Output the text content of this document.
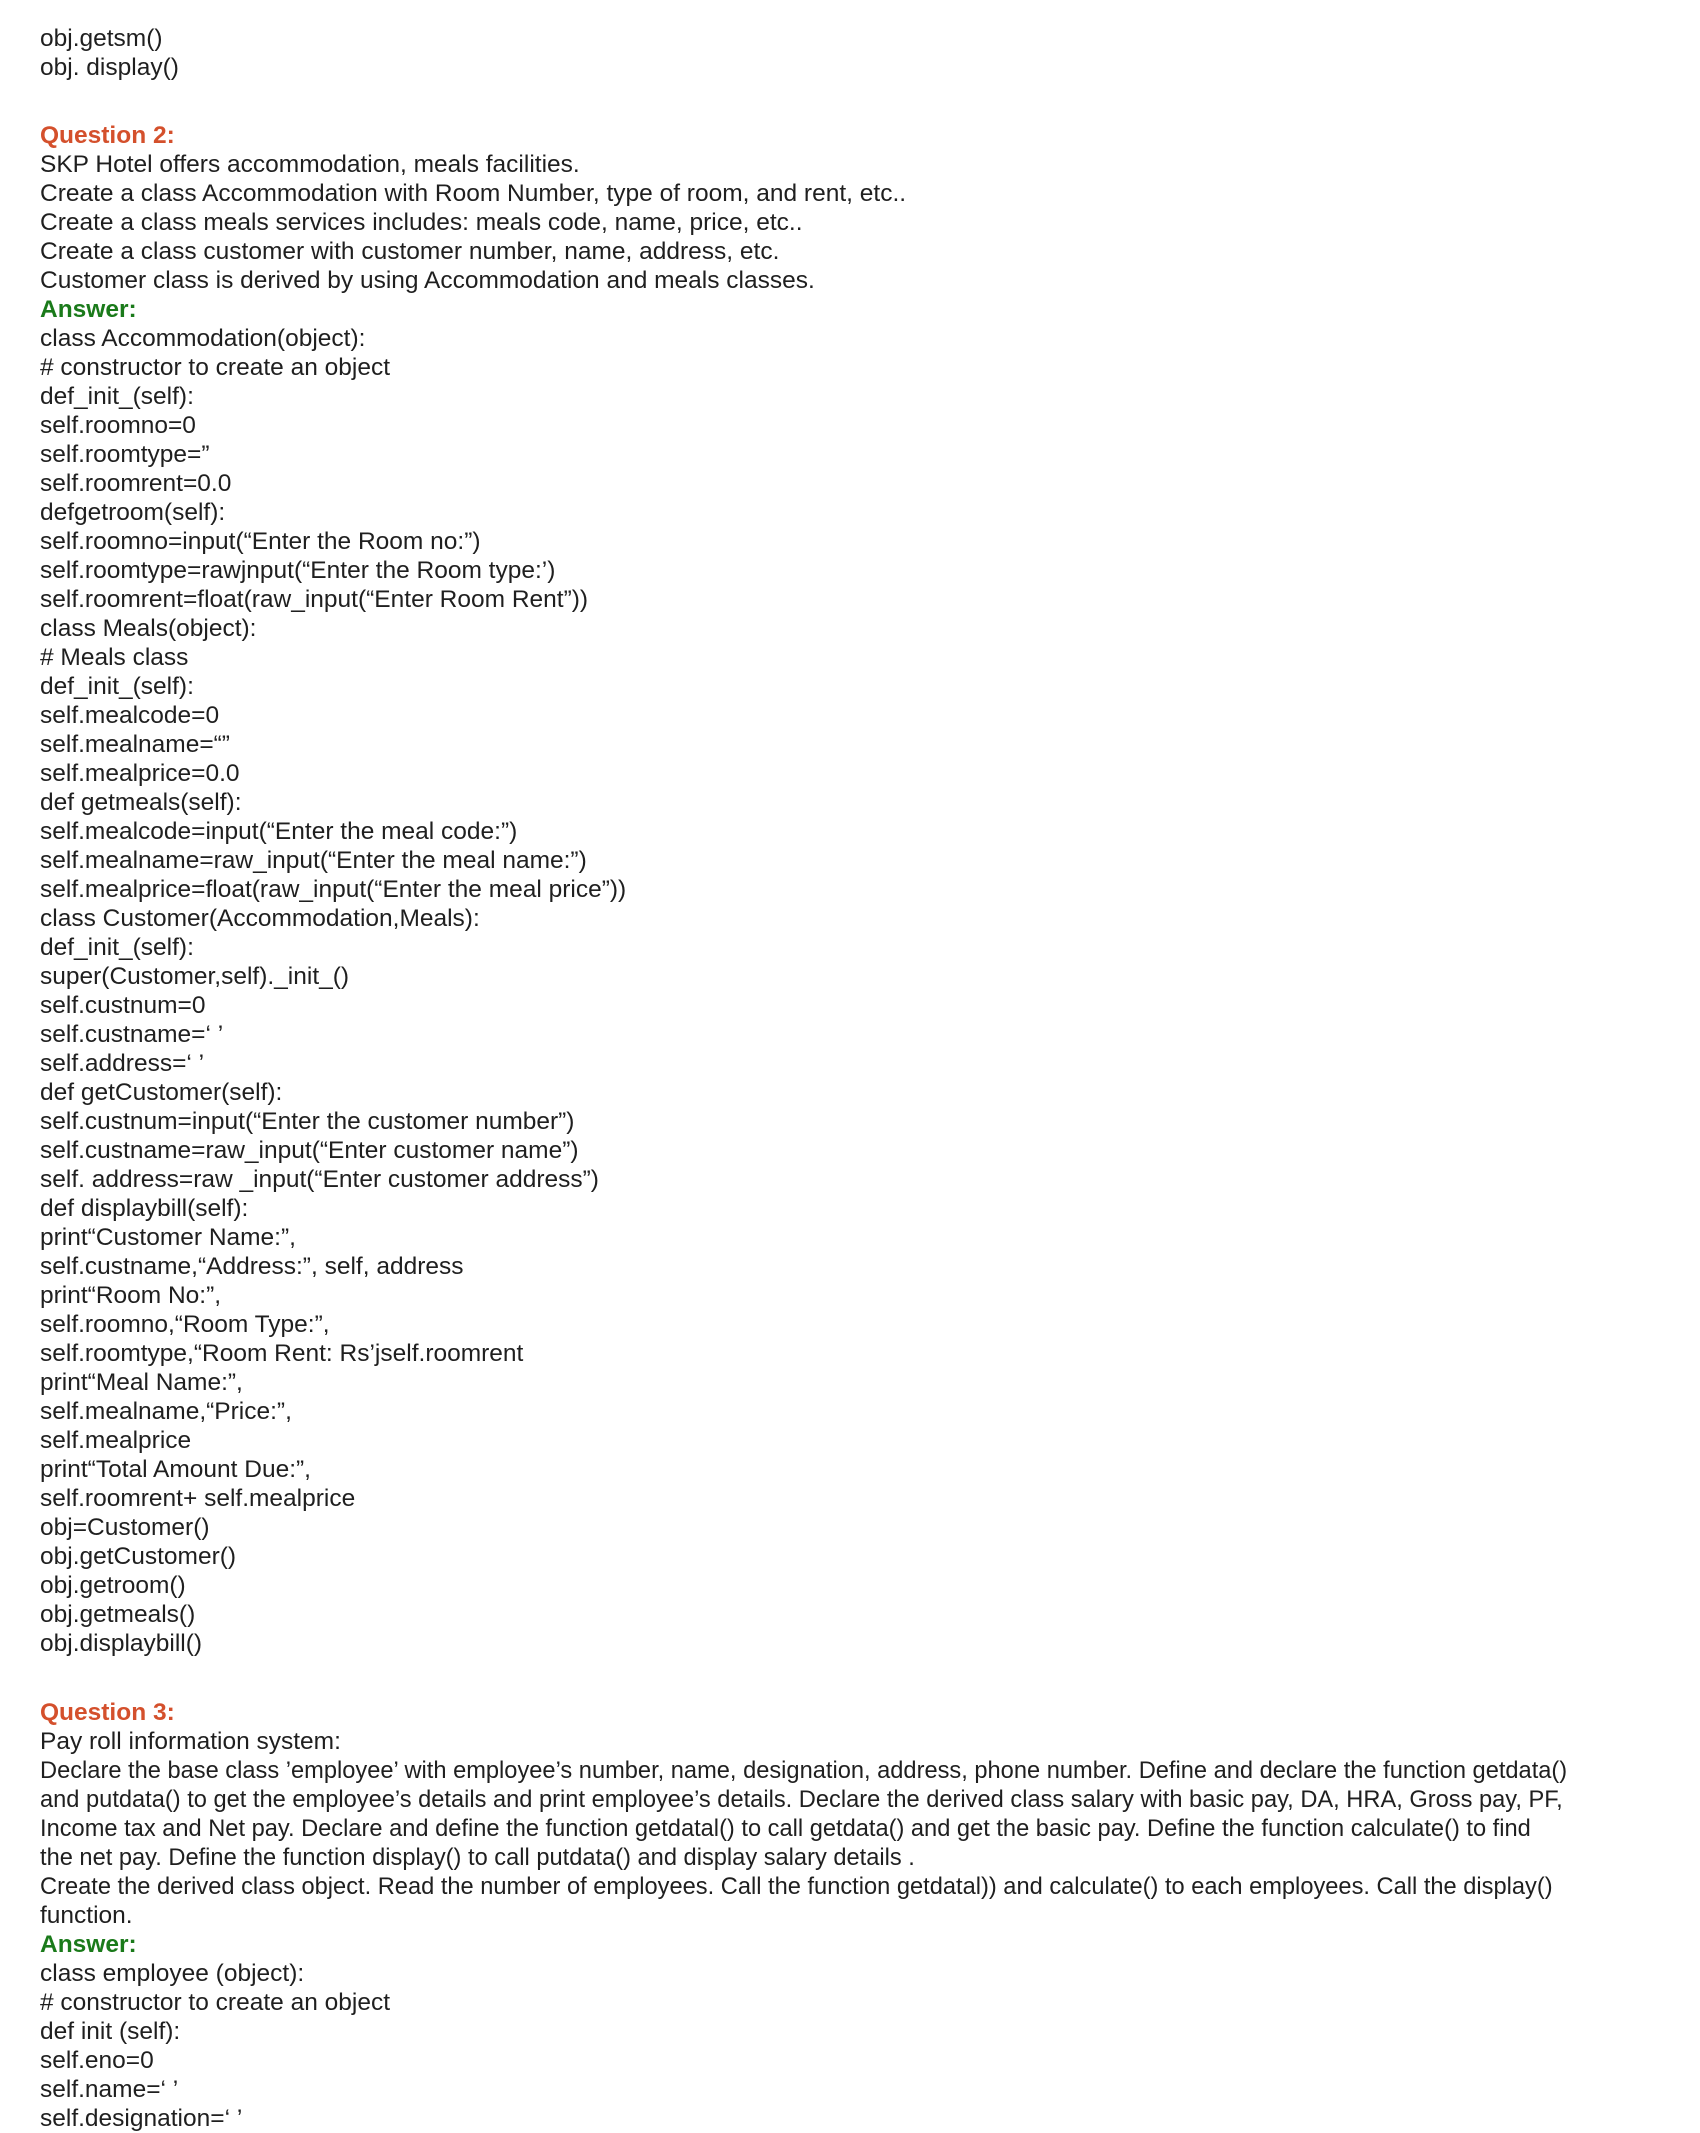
obj.getsm()
obj. display()
Question 2:
SKP Hotel offers accommodation, meals facilities.
Create a class Accommodation with Room Number, type of room, and rent, etc..
Create a class meals services includes: meals code, name, price, etc..
Create a class customer with customer number, name, address, etc.
Customer class is derived by using Accommodation and meals classes.
Answer:
class Accommodation(object):
# constructor to create an object
def_init_(self):
self.roomno=0
self.roomtype=”
self.roomrent=0.0
defgetroom(self):
self.roomno=input(“Enter the Room no:”)
self.roomtype=rawjnput(“Enter the Room type:’)
self.roomrent=float(raw_input(“Enter Room Rent”))
class Meals(object):
# Meals class
def_init_(self):
self.mealcode=0
self.mealname=“”
self.mealprice=0.0
def getmeals(self):
self.mealcode=input(“Enter the meal code:”)
self.mealname=raw_input(“Enter the meal name:”)
self.mealprice=float(raw_input(“Enter the meal price”))
class Customer(Accommodation,Meals):
def_init_(self):
super(Customer,self)._init_()
self.custnum=0
self.custname=‘ ’
self.address=‘ ’
def getCustomer(self):
self.custnum=input(“Enter the customer number”)
self.custname=raw_input(“Enter customer name”)
self. address=raw _input(“Enter customer address”)
def displaybill(self):
print“Customer Name:”,
self.custname,“Address:”, self, address
print“Room No:”,
self.roomno,“Room Type:”,
self.roomtype,“Room Rent: Rs’jself.roomrent
print“Meal Name:”,
self.mealname,“Price:”,
self.mealprice
print“Total Amount Due:”,
self.roomrent+ self.mealprice
obj=Customer()
obj.getCustomer()
obj.getroom()
obj.getmeals()
obj.displaybill()
Question 3:
Pay roll information system:
Declare the base class ’employee’ with employee’s number, name, designation, address, phone number. Define and declare the function getdata()
and putdata() to get the employee’s details and print employee’s details. Declare the derived class salary with basic pay, DA, HRA, Gross pay, PF,
Income tax and Net pay. Declare and define the function getdatal() to call getdata() and get the basic pay. Define the function calculate() to find
the net pay. Define the function display() to call putdata() and display salary details .
Create the derived class object. Read the number of employees. Call the function getdatal)) and calculate() to each employees. Call the display()
function.
Answer:
class employee (object):
# constructor to create an object
def init (self):
self.eno=0
self.name=‘ ’
self.designation=‘ ’
